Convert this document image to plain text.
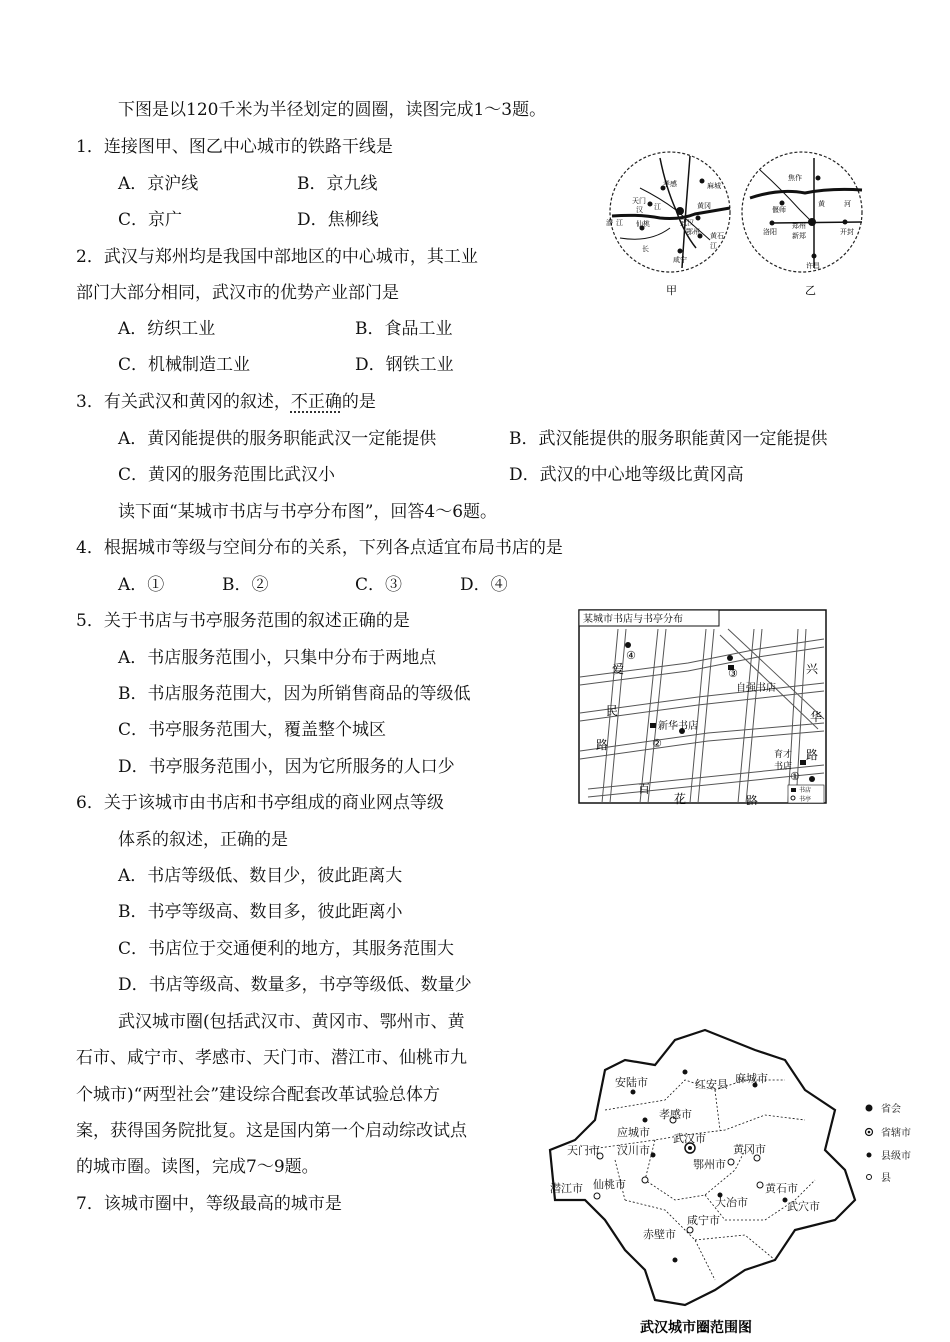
下图是以120千米为半径划定的圆圈，读图完成1～3题。
1．连接图甲、图乙中心城市的铁路干线是
A．京沪线	B．京九线
C．京广	D．焦柳线
2．武汉与郑州均是我国中部地区的中心城市，其工业
部门大部分相同，武汉市的优势产业部门是
A．纺织工业	B．食品工业
C．机械制造工业	D．钢铁工业
3．有关武汉和黄冈的叙述，不正确的是
A．黄冈能提供的服务职能武汉一定能提供	B．武汉能提供的服务职能黄冈一定能提供
C．黄冈的服务范围比武汉小	D．武汉的中心地等级比黄冈高
读下面“某城市书店与书亭分布图”，回答4～6题。
4．根据城市等级与空间分布的关系，下列各点适宜布局书店的是
A．①	B．②	C．③	D．④
5．关于书店与书亭服务范围的叙述正确的是
A．书店服务范围小，只集中分布于两地点
B．书店服务范围大，因为所销售商品的等级低
C．书亭服务范围大，覆盖整个城区
D．书亭服务范围小，因为它所服务的人口少
6．关于该城市由书店和书亭组成的商业网点等级
体系的叙述，正确的是
A．书店等级低、数目少，彼此距离大
B．书亭等级高、数目多，彼此距离小
C．书店位于交通便利的地方，其服务范围大
D．书店等级高、数量多，书亭等级低、数量少
武汉城市圈(包括武汉市、黄冈市、鄂州市、黄
石市、咸宁市、孝感市、天门市、潜江市、仙桃市九
个城市)“两型社会”建设综合配套改革试验总体方
案，获得国务院批复。这是国内第一个启动综改试点
的城市圈。读图，完成7～9题。
7．该城市圈中，等级最高的城市是
孝感	麻城
天门
汉 江	黄冈
潜 江 仙桃	武汉
鄂州 黄石
咸宁
长	江
甲
焦作
偃师
黄	河
洛阳
郑州
新郑	开封
许昌
乙
某城市书店与书亭分布
爱
民
路
百
花	路
兴
华
路
自强书店
新华书店
育才
书店
④
③
②
①
书店
书亭
安陆市	红安县 麻城市
应城市
孝感市
武汉市
天门市 汉川市
鄂州市
黄冈市
潜江市 仙桃市
大冶市
黄石市
咸宁市
武穴市
赤壁市
省会
省辖市
县级市
县
武汉城市圈范围图
